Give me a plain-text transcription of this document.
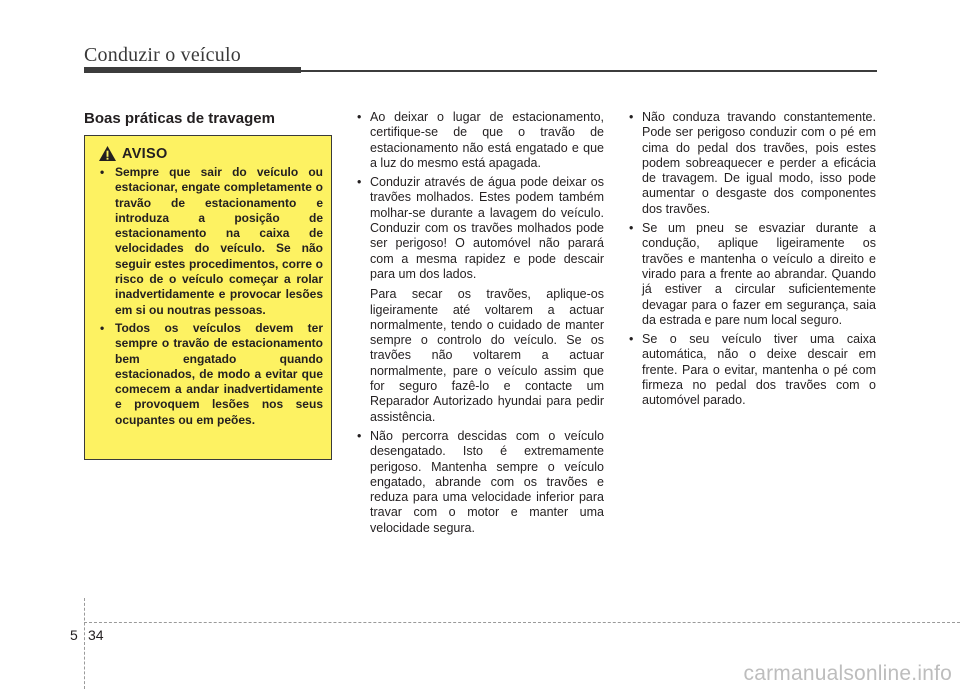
Conduzir o veículo
Boas práticas de travagem
AVISO
• Sempre que sair do veículo ou estacionar, engate completamente o travão de estacionamento e introduza a posição de estacionamento na caixa de velocidades do veículo. Se não seguir estes procedimentos, corre o risco de o veículo começar a rolar inadvertidamente e provocar lesões em si ou noutras pessoas.
• Todos os veículos devem ter sempre o travão de estacionamento bem engatado quando estacionados, de modo a evitar que comecem a andar inadvertidamente e provoquem lesões nos seus ocupantes ou em peões.
• Ao deixar o lugar de estacionamento, certifique-se de que o travão de estacionamento não está engatado e que a luz do mesmo está apagada.
• Conduzir através de água pode deixar os travões molhados. Estes podem também molhar-se durante a lavagem do veículo. Conduzir com os travões molhados pode ser perigoso! O automóvel não parará com a mesma rapidez e pode descair para um dos lados.

Para secar os travões, aplique-os ligeiramente até voltarem a actuar normalmente, tendo o cuidado de manter sempre o controlo do veículo. Se os travões não voltarem a actuar normalmente, pare o veículo assim que for seguro fazê-lo e contacte um Reparador Autorizado hyundai para pedir assistência.

• Não percorra descidas com o veículo desengatado. Isto é extremamente perigoso. Mantenha sempre o veículo engatado, abrande com os travões e reduza para uma velocidade inferior para travar com o motor e manter uma velocidade segura.
• Não conduza travando constantemente. Pode ser perigoso conduzir com o pé em cima do pedal dos travões, pois estes podem sobreaquecer e perder a eficácia de travagem. De igual modo, isso pode aumentar o desgaste dos componentes dos travões.
• Se um pneu se esvaziar durante a condução, aplique ligeiramente os travões e mantenha o veículo a direito e virado para a frente ao abrandar. Quando já estiver a circular suficientemente devagar para o fazer em segurança, saia da estrada e pare num local seguro.
• Se o seu veículo tiver uma caixa automática, não o deixe descair em frente. Para o evitar, mantenha o pé com firmeza no pedal dos travões com o automóvel parado.
5 34
carmanualsonline.info
